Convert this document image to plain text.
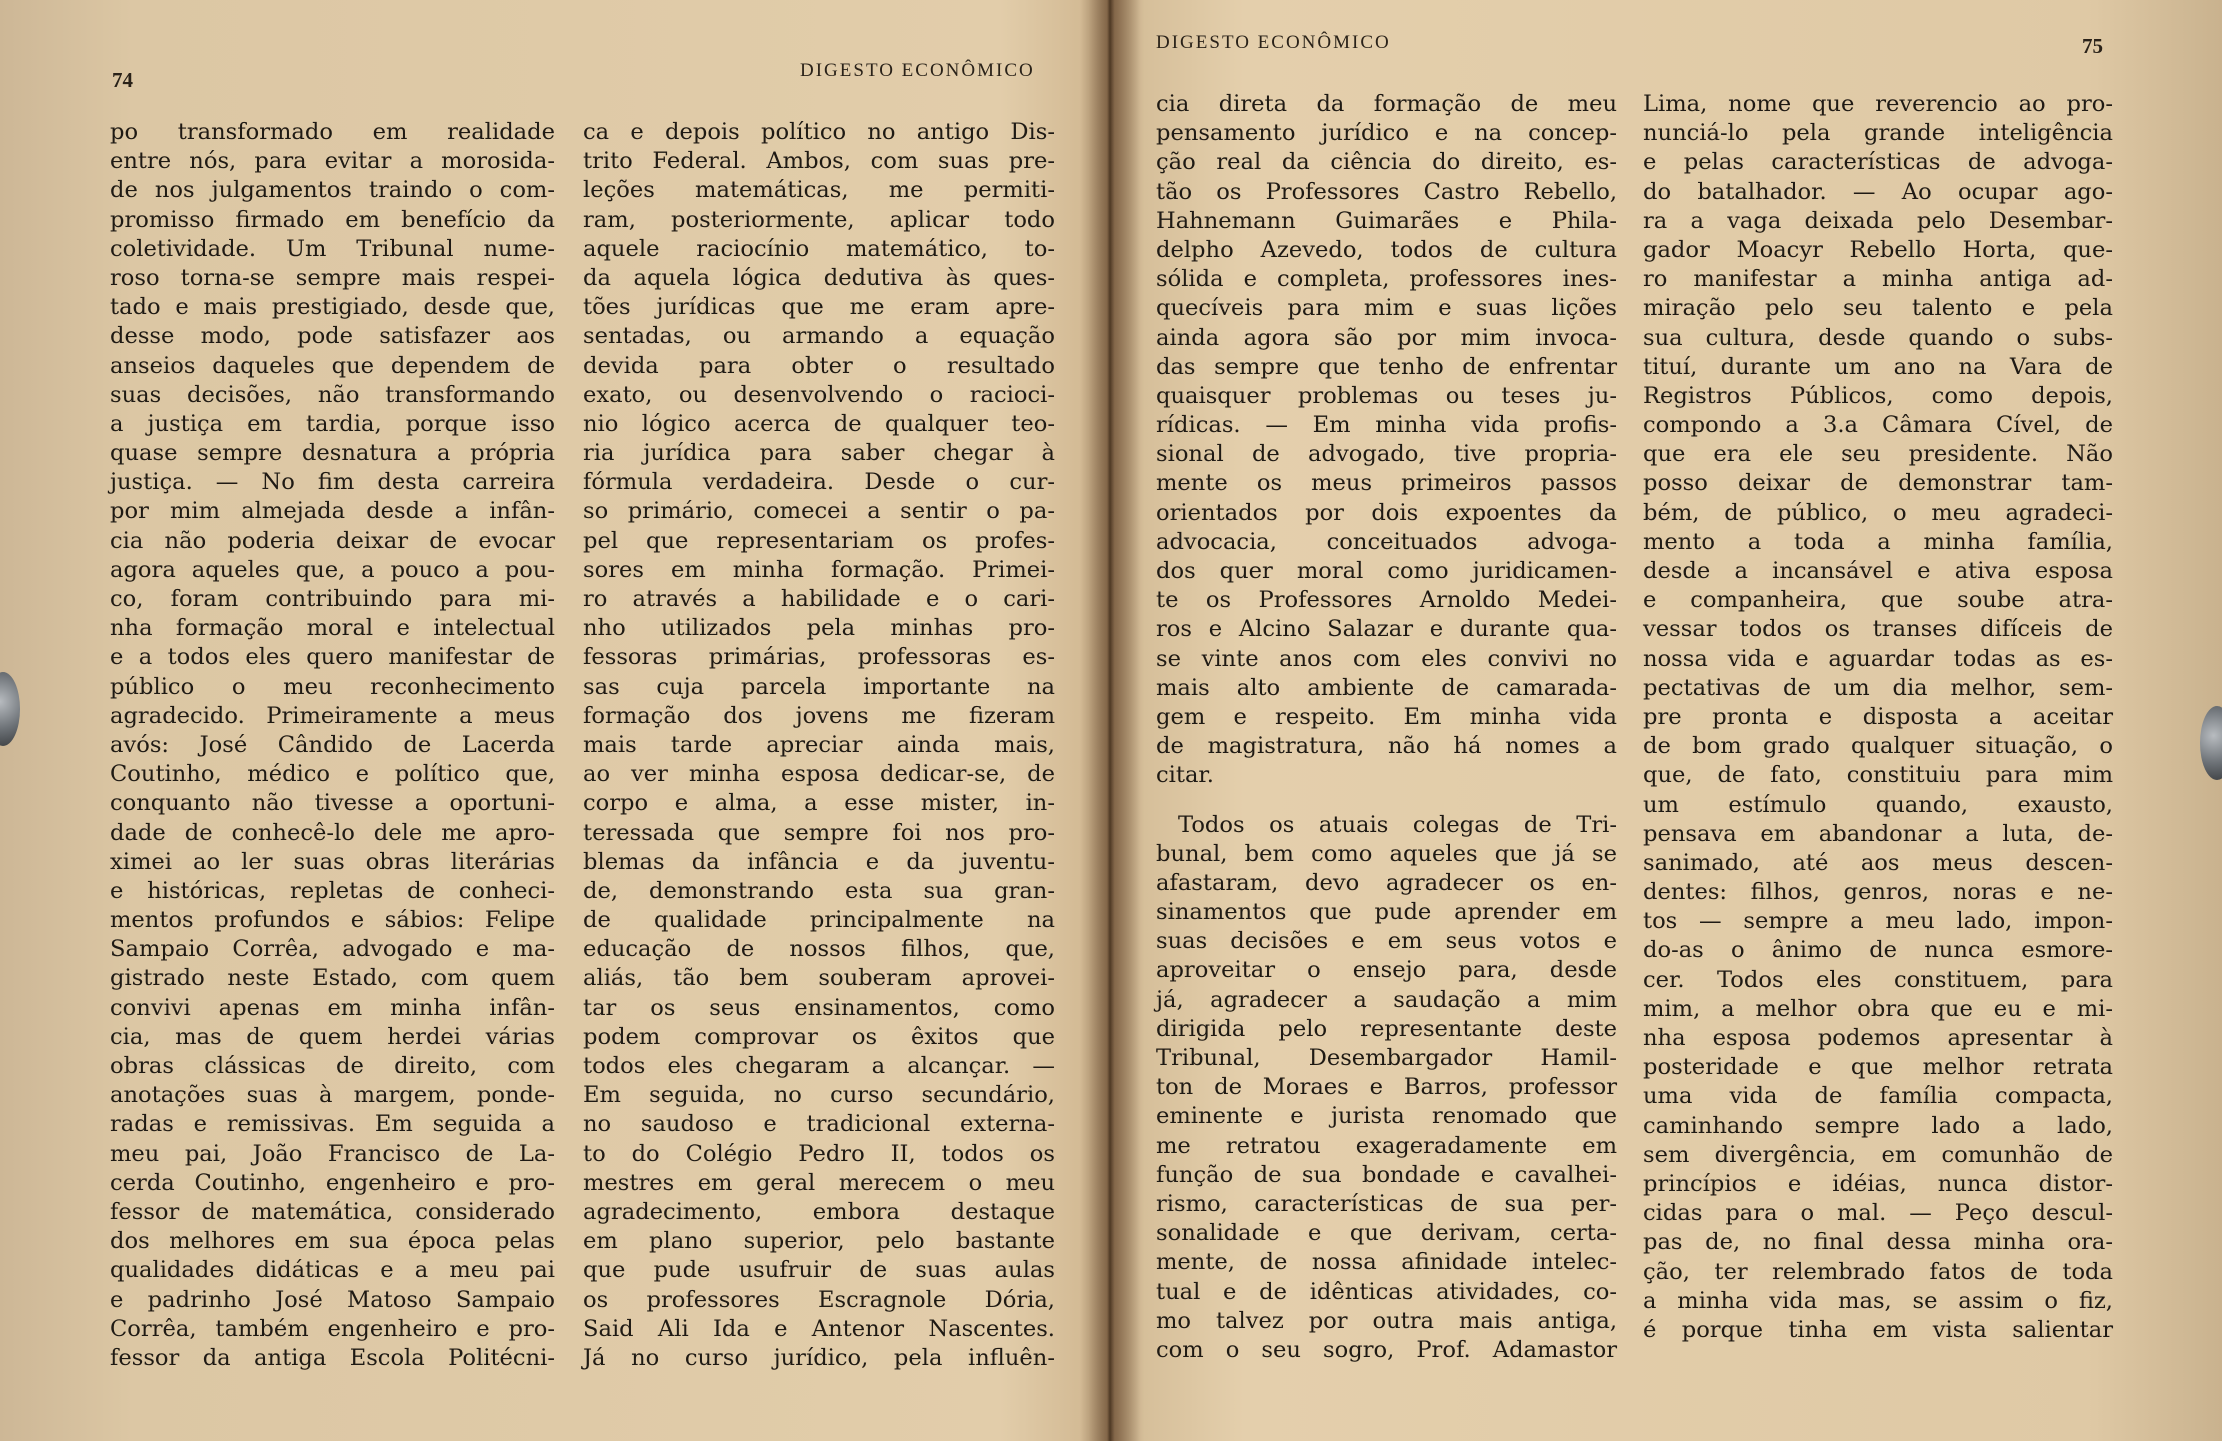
74	DIGESTO ECONÔMICO
po transformado em realidade
entre nós, para evitar a morosida-
de nos julgamentos traindo o com-
promisso firmado em benefício da
coletividade. Um Tribunal nume-
roso torna-se sempre mais respei-
tado e mais prestigiado, desde que,
desse modo, pode satisfazer aos
anseios daqueles que dependem de
suas decisões, não transformando
a justiça em tardia, porque isso
quase sempre desnatura a própria
justiça. — No fim desta carreira
por mim almejada desde a infân-
cia não poderia deixar de evocar
agora aqueles que, a pouco a pou-
co, foram contribuindo para mi-
nha formação moral e intelectual
e a todos eles quero manifestar de
público o meu reconhecimento
agradecido. Primeiramente a meus
avós: José Cândido de Lacerda
Coutinho, médico e político que,
conquanto não tivesse a oportuni-
dade de conhecê-lo dele me apro-
ximei ao ler suas obras literárias
e históricas, repletas de conheci-
mentos profundos e sábios: Felipe
Sampaio Corrêa, advogado e ma-
gistrado neste Estado, com quem
convivi apenas em minha infân-
cia, mas de quem herdei várias
obras clássicas de direito, com
anotações suas à margem, ponde-
radas e remissivas. Em seguida a
meu pai, João Francisco de La-
cerda Coutinho, engenheiro e pro-
fessor de matemática, considerado
dos melhores em sua época pelas
qualidades didáticas e a meu pai
e padrinho José Matoso Sampaio
Corrêa, também engenheiro e pro-
fessor da antiga Escola Politécni-
ca e depois político no antigo Dis-
trito Federal. Ambos, com suas pre-
leções matemáticas, me permiti-
ram, posteriormente, aplicar todo
aquele raciocínio matemático, to-
da aquela lógica dedutiva às ques-
tões jurídicas que me eram apre-
sentadas, ou armando a equação
devida para obter o resultado
exato, ou desenvolvendo o racioci-
nio lógico acerca de qualquer teo-
ria jurídica para saber chegar à
fórmula verdadeira. Desde o cur-
so primário, comecei a sentir o pa-
pel que representariam os profes-
sores em minha formação. Primei-
ro através a habilidade e o cari-
nho utilizados pela minhas pro-
fessoras primárias, professoras es-
sas cuja parcela importante na
formação dos jovens me fizeram
mais tarde apreciar ainda mais,
ao ver minha esposa dedicar-se, de
corpo e alma, a esse mister, in-
teressada que sempre foi nos pro-
blemas da infância e da juventu-
de, demonstrando esta sua gran-
de qualidade principalmente na
educação de nossos filhos, que,
aliás, tão bem souberam aprovei-
tar os seus ensinamentos, como
podem comprovar os êxitos que
todos eles chegaram a alcançar. —
Em seguida, no curso secundário,
no saudoso e tradicional externa-
to do Colégio Pedro II, todos os
mestres em geral merecem o meu
agradecimento, embora destaque
em plano superior, pelo bastante
que pude usufruir de suas aulas
os professores Escragnole Dória,
Said Ali Ida e Antenor Nascentes.
Já no curso jurídico, pela influên-
DIGESTO ECONÔMICO	75
cia direta da formação de meu
pensamento jurídico e na concep-
ção real da ciência do direito, es-
tão os Professores Castro Rebello,
Hahnemann Guimarães e Phila-
delpho Azevedo, todos de cultura
sólida e completa, professores ines-
quecíveis para mim e suas lições
ainda agora são por mim invoca-
das sempre que tenho de enfrentar
quaisquer problemas ou teses ju-
rídicas. — Em minha vida profis-
sional de advogado, tive propria-
mente os meus primeiros passos
orientados por dois expoentes da
advocacia, conceituados advoga-
dos quer moral como juridicamen-
te os Professores Arnoldo Medei-
ros e Alcino Salazar e durante qua-
se vinte anos com eles convivi no
mais alto ambiente de camarada-
gem e respeito. Em minha vida
de magistratura, não há nomes a
citar.
Todos os atuais colegas de Tri-
bunal, bem como aqueles que já se
afastaram, devo agradecer os en-
sinamentos que pude aprender em
suas decisões e em seus votos e
aproveitar o ensejo para, desde
já, agradecer a saudação a mim
dirigida pelo representante deste
Tribunal, Desembargador Hamil-
ton de Moraes e Barros, professor
eminente e jurista renomado que
me retratou exageradamente em
função de sua bondade e cavalhei-
rismo, características de sua per-
sonalidade e que derivam, certa-
mente, de nossa afinidade intelec-
tual e de idênticas atividades, co-
mo talvez por outra mais antiga,
com o seu sogro, Prof. Adamastor
Lima, nome que reverencio ao pro-
nunciá-lo pela grande inteligência
e pelas características de advoga-
do batalhador. — Ao ocupar ago-
ra a vaga deixada pelo Desembar-
gador Moacyr Rebello Horta, que-
ro manifestar a minha antiga ad-
miração pelo seu talento e pela
sua cultura, desde quando o subs-
tituí, durante um ano na Vara de
Registros Públicos, como depois,
compondo a 3.a Câmara Cível, de
que era ele seu presidente. Não
posso deixar de demonstrar tam-
bém, de público, o meu agradeci-
mento a toda a minha família,
desde a incansável e ativa esposa
e companheira, que soube atra-
vessar todos os transes difíceis de
nossa vida e aguardar todas as es-
pectativas de um dia melhor, sem-
pre pronta e disposta a aceitar
de bom grado qualquer situação, o
que, de fato, constituiu para mim
um estímulo quando, exausto,
pensava em abandonar a luta, de-
sanimado, até aos meus descen-
dentes: filhos, genros, noras e ne-
tos — sempre a meu lado, impon-
do-as o ânimo de nunca esmore-
cer. Todos eles constituem, para
mim, a melhor obra que eu e mi-
nha esposa podemos apresentar à
posteridade e que melhor retrata
uma vida de família compacta,
caminhando sempre lado a lado,
sem divergência, em comunhão de
princípios e idéias, nunca distor-
cidas para o mal. — Peço descul-
pas de, no final dessa minha ora-
ção, ter relembrado fatos de toda
a minha vida mas, se assim o fiz,
é porque tinha em vista salientar
